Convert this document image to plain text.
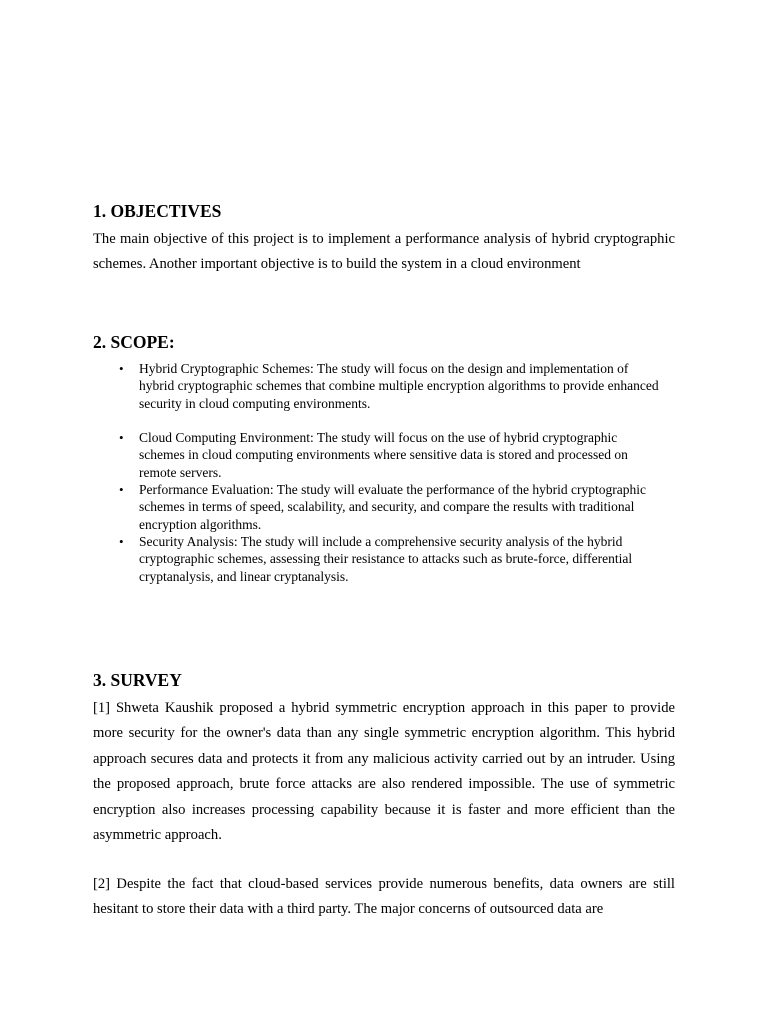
1. OBJECTIVES

The main objective of this project is to implement a performance analysis of hybrid cryptographic schemes. Another important objective is to build the system in a cloud environment

2. SCOPE:
• Hybrid Cryptographic Schemes: The study will focus on the design and implementation of hybrid cryptographic schemes that combine multiple encryption algorithms to provide enhanced security in cloud computing environments.
• Cloud Computing Environment: The study will focus on the use of hybrid cryptographic schemes in cloud computing environments where sensitive data is stored and processed on remote servers.
• Performance Evaluation: The study will evaluate the performance of the hybrid cryptographic schemes in terms of speed, scalability, and security, and compare the results with traditional encryption algorithms.
• Security Analysis: The study will include a comprehensive security analysis of the hybrid cryptographic schemes, assessing their resistance to attacks such as brute-force, differential cryptanalysis, and linear cryptanalysis.
3. SURVEY

[1] Shweta Kaushik proposed a hybrid symmetric encryption approach in this paper to provide more security for the owner's data than any single symmetric encryption algorithm. This hybrid approach secures data and protects it from any malicious activity carried out by an intruder. Using the proposed approach, brute force attacks are also rendered impossible. The use of symmetric encryption also increases processing capability because it is faster and more efficient than the asymmetric approach.

[2] Despite the fact that cloud-based services provide numerous benefits, data owners are still hesitant to store their data with a third party. The major concerns of outsourced data are
